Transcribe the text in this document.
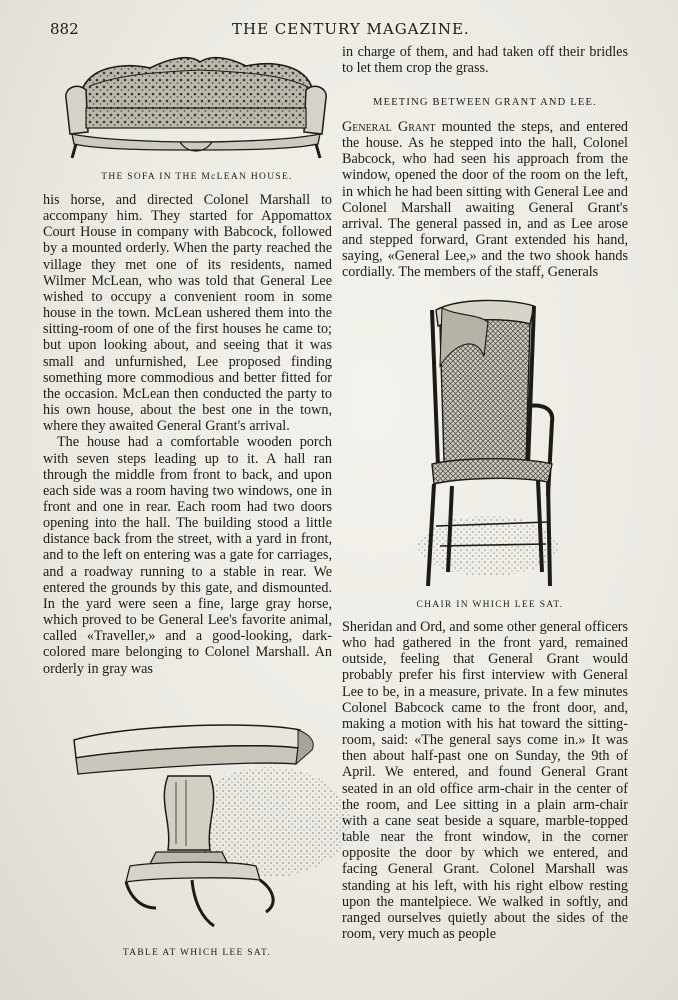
882	THE CENTURY MAGAZINE.
THE SOFA IN THE McLEAN HOUSE.

his horse, and directed Colonel Marshall to accompany him. They started for Appomattox Court House in company with Babcock, followed by a mounted orderly. When the party reached the village they met one of its residents, named Wilmer McLean, who was told that General Lee wished to occupy a convenient room in some house in the town. McLean ushered them into the sitting-room of one of the first houses he came to; but upon looking about, and seeing that it was small and unfurnished, Lee proposed finding something more commodious and better fitted for the occasion. McLean then conducted the party to his own house, about the best one in the town, where they awaited General Grant's arrival.

The house had a comfortable wooden porch with seven steps leading up to it. A hall ran through the middle from front to back, and upon each side was a room having two windows, one in front and one in rear. Each room had two doors opening into the hall. The building stood a little distance back from the street, with a yard in front, and to the left on entering was a gate for carriages, and a roadway running to a stable in rear. We entered the grounds by this gate, and dismounted. In the yard were seen a fine, large gray horse, which proved to be General Lee's favorite animal, called «Traveller,» and a good-looking, dark-colored mare belonging to Colonel Marshall. An orderly in gray was

TABLE AT WHICH LEE SAT.

in charge of them, and had taken off their bridles to let them crop the grass.

MEETING BETWEEN GRANT AND LEE.

General Grant mounted the steps, and entered the house. As he stepped into the hall, Colonel Babcock, who had seen his approach from the window, opened the door of the room on the left, in which he had been sitting with General Lee and Colonel Marshall awaiting General Grant's arrival. The general passed in, and as Lee arose and stepped forward, Grant extended his hand, saying, «General Lee,» and the two shook hands cordially. The members of the staff, Generals

CHAIR IN WHICH LEE SAT.

Sheridan and Ord, and some other general officers who had gathered in the front yard, remained outside, feeling that General Grant would probably prefer his first interview with General Lee to be, in a measure, private. In a few minutes Colonel Babcock came to the front door, and, making a motion with his hat toward the sitting-room, said: «The general says come in.» It was then about half-past one on Sunday, the 9th of April. We entered, and found General Grant seated in an old office arm-chair in the center of the room, and Lee sitting in a plain arm-chair with a cane seat beside a square, marble-topped table near the front window, in the corner opposite the door by which we entered, and facing General Grant. Colonel Marshall was standing at his left, with his right elbow resting upon the mantelpiece. We walked in softly, and ranged ourselves quietly about the sides of the room, very much as people
